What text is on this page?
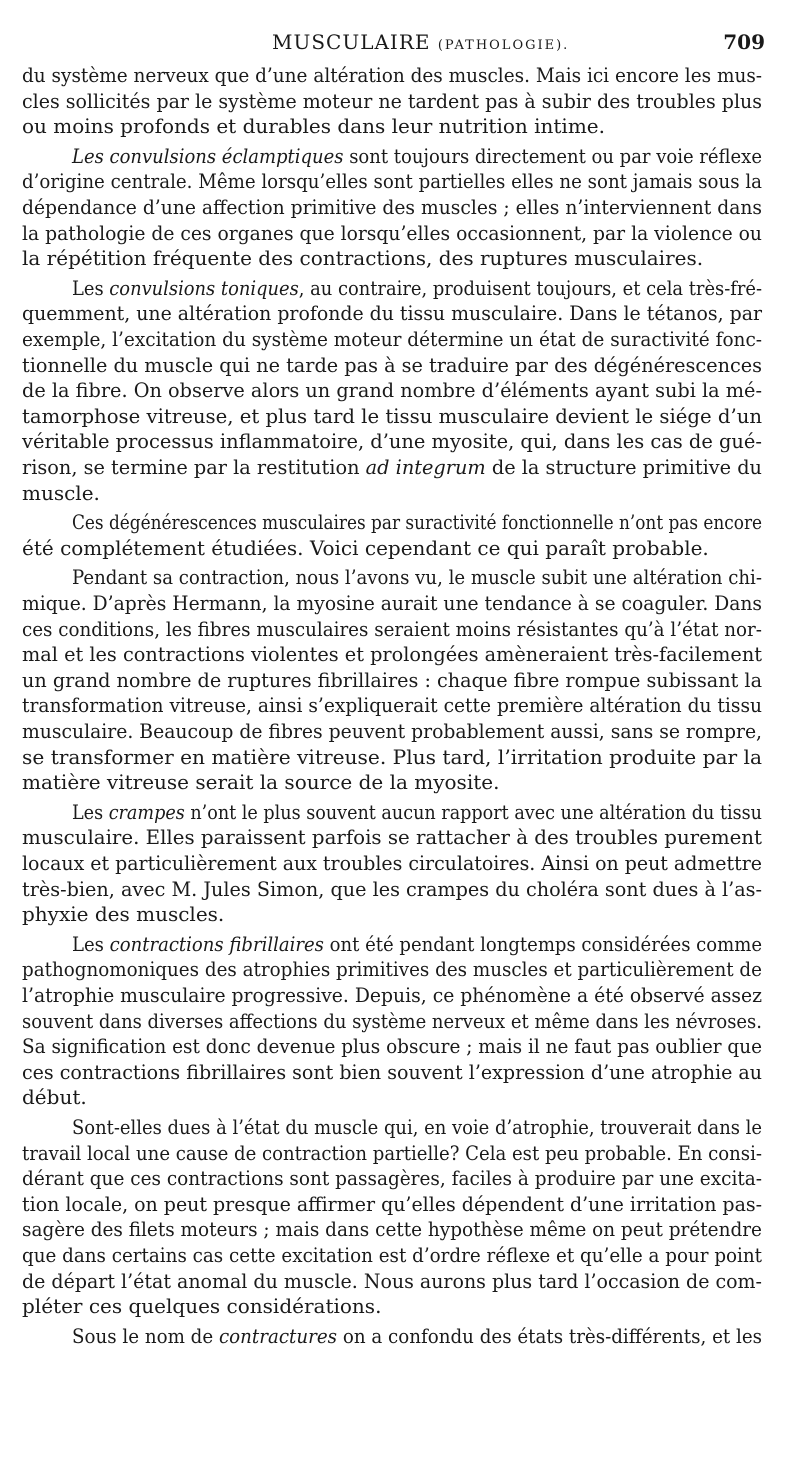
MUSCULAIRE (PATHOLOGIE).	709
du système nerveux que d’une altération des muscles. Mais ici encore les mus-
cles sollicités par le système moteur ne tardent pas à subir des troubles plus
ou moins profonds et durables dans leur nutrition intime.
Les convulsions éclamptiques sont toujours directement ou par voie réflexe
d’origine centrale. Même lorsqu’elles sont partielles elles ne sont jamais sous la
dépendance d’une affection primitive des muscles ; elles n’interviennent dans
la pathologie de ces organes que lorsqu’elles occasionnent, par la violence ou
la répétition fréquente des contractions, des ruptures musculaires.
Les convulsions toniques, au contraire, produisent toujours, et cela très-fré-
quemment, une altération profonde du tissu musculaire. Dans le tétanos, par
exemple, l’excitation du système moteur détermine un état de suractivité fonc-
tionnelle du muscle qui ne tarde pas à se traduire par des dégénérescences
de la fibre. On observe alors un grand nombre d’éléments ayant subi la mé-
tamorphose vitreuse, et plus tard le tissu musculaire devient le siége d’un
véritable processus inflammatoire, d’une myosite, qui, dans les cas de gué-
rison, se termine par la restitution ad integrum de la structure primitive du
muscle.
Ces dégénérescences musculaires par suractivité fonctionnelle n’ont pas encore
été complétement étudiées. Voici cependant ce qui paraît probable.
Pendant sa contraction, nous l’avons vu, le muscle subit une altération chi-
mique. D’après Hermann, la myosine aurait une tendance à se coaguler. Dans
ces conditions, les fibres musculaires seraient moins résistantes qu’à l’état nor-
mal et les contractions violentes et prolongées amèneraient très-facilement
un grand nombre de ruptures fibrillaires : chaque fibre rompue subissant la
transformation vitreuse, ainsi s’expliquerait cette première altération du tissu
musculaire. Beaucoup de fibres peuvent probablement aussi, sans se rompre,
se transformer en matière vitreuse. Plus tard, l’irritation produite par la
matière vitreuse serait la source de la myosite.
Les crampes n’ont le plus souvent aucun rapport avec une altération du tissu
musculaire. Elles paraissent parfois se rattacher à des troubles purement
locaux et particulièrement aux troubles circulatoires. Ainsi on peut admettre
très-bien, avec M. Jules Simon, que les crampes du choléra sont dues à l’as-
phyxie des muscles.
Les contractions fibrillaires ont été pendant longtemps considérées comme
pathognomoniques des atrophies primitives des muscles et particulièrement de
l’atrophie musculaire progressive. Depuis, ce phénomène a été observé assez
souvent dans diverses affections du système nerveux et même dans les névroses.
Sa signification est donc devenue plus obscure ; mais il ne faut pas oublier que
ces contractions fibrillaires sont bien souvent l’expression d’une atrophie au
début.
Sont-elles dues à l’état du muscle qui, en voie d’atrophie, trouverait dans le
travail local une cause de contraction partielle? Cela est peu probable. En consi-
dérant que ces contractions sont passagères, faciles à produire par une excita-
tion locale, on peut presque affirmer qu’elles dépendent d’une irritation pas-
sagère des filets moteurs ; mais dans cette hypothèse même on peut prétendre
que dans certains cas cette excitation est d’ordre réflexe et qu’elle a pour point
de départ l’état anomal du muscle. Nous aurons plus tard l’occasion de com-
pléter ces quelques considérations.
Sous le nom de contractures on a confondu des états très-différents, et les
